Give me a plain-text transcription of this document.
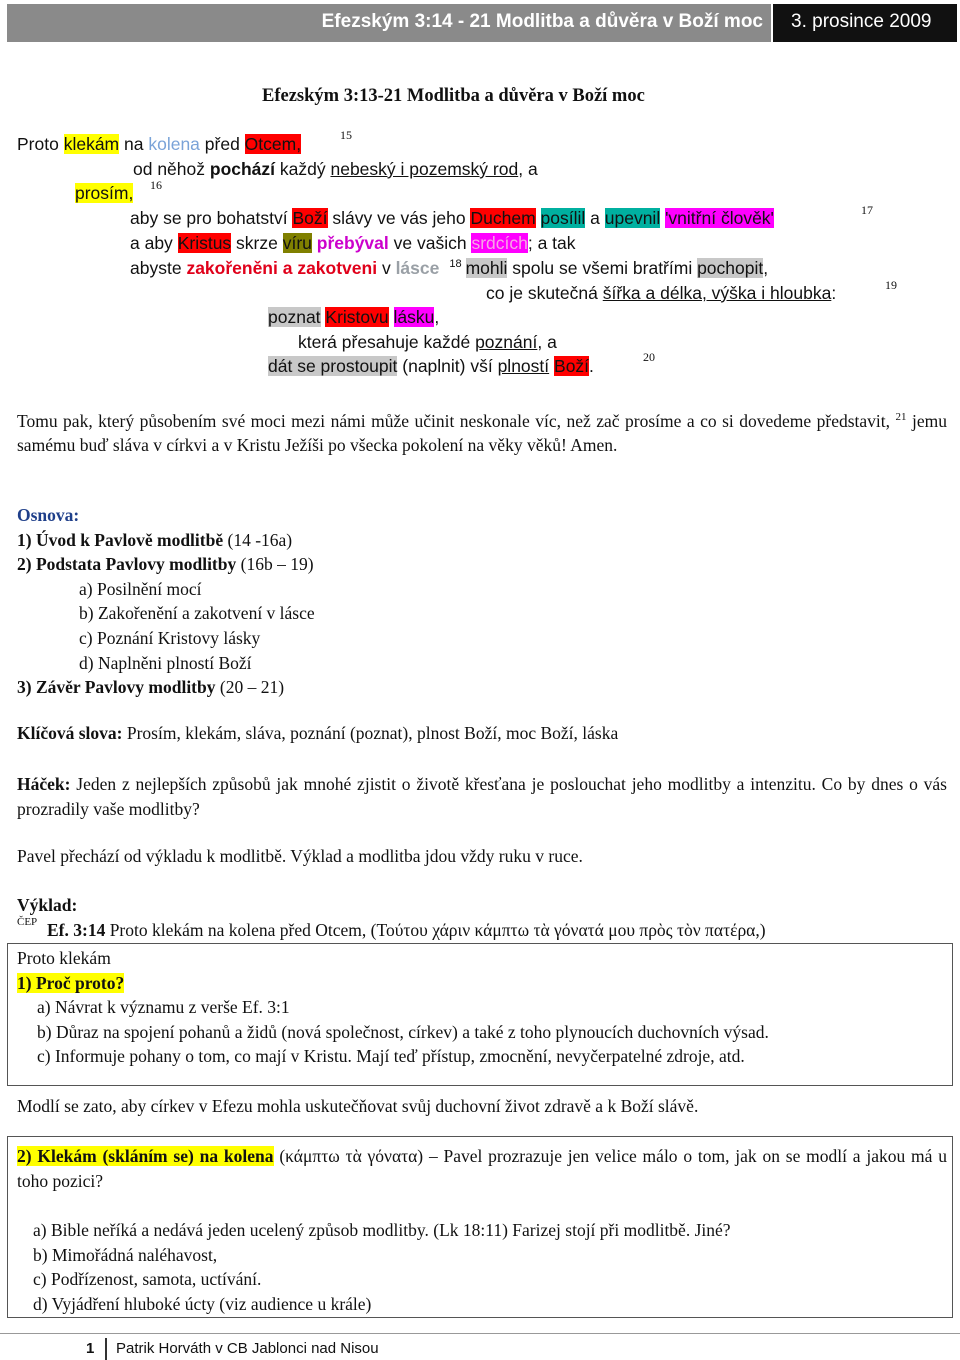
Efezským 3:14 - 21 Modlitba a důvěra v Boží moc 3. prosince 2009
Efezským 3:13-21 Modlitba a důvěra v Boží moc
Proto klekám na kolena před Otcem,	15
od něhož pochází každý nebeský i pozemský rod, a
prosím, 16
aby se pro bohatství Boží slávy ve vás jeho Duchem posílil a upevnil 'vnitřní člověk'	17
a aby Kristus skrze víru přebýval ve vašich srdcích; a tak
abyste zakořeněni a zakotveni v lásce $^{18}$ mohli spolu se všemi bratřími pochopit,
co je skutečná šířka a délka, výška i hloubka:	19
poznat Kristovu lásku,
která přesahuje každé poznání, a
dát se prostoupit (naplnit) vší plností Boží.	20

Tomu pak, který působením své moci mezi námi může učinit neskonale víc, než zač prosíme a co si dovedeme představit, $^{21}$ jemu samému buď sláva v církvi a v Kristu Ježíši po všecka pokolení na věky věků! Amen.

Osnova:
1) Úvod k Pavlově modlitbě (14 -16a)
2) Podstata Pavlovy modlitby (16b – 19)
a) Posilnění mocí
b) Zakořenění a zakotvení v lásce
c) Poznání Kristovy lásky
d) Naplněni plností Boží
3) Závěr Pavlovy modlitby (20 – 21)
Klíčová slova: Prosím, klekám, sláva, poznání (poznat), plnost Boží, moc Boží, láska

Háček: Jeden z nejlepších způsobů jak mnohé zjistit o životě křesťana je poslouchat jeho modlitby a intenzitu. Co by dnes o vás prozradily vaše modlitby?

Pavel přechází od výkladu k modlitbě. Výklad a modlitba jdou vždy ruku v ruce.
Výklad:
ČEP Ef. 3:14 Proto klekám na kolena před Otcem, (Τούτου χάριν κάμπτω τὰ γόνατά μου πρὸς τὸν πατέρα,)
Proto klekám
1) Proč proto?
a) Návrat k významu z verše Ef. 3:1
b) Důraz na spojení pohanů a židů (nová společnost, církev) a také z toho plynoucích duchovních výsad.
c) Informuje pohany o tom, co mají v Kristu. Mají teď přístup, zmocnění, nevyčerpatelné zdroje, atd.
Modlí se zato, aby církev v Efezu mohla uskutečňovat svůj duchovní život zdravě a k Boží slávě.

2) Klekám (skláním se) na kolena (κάμπτω τὰ γόνατα) – Pavel prozrazuje jen velice málo o tom, jak on se modlí a jakou má u toho pozici?

a) Bible neříká a nedává jeden ucelený způsob modlitby. (Lk 18:11) Farizej stojí při modlitbě. Jiné?
b) Mimořádná naléhavost,
c) Podřízenost, samota, uctívání.
d) Vyjádření hluboké úcty (viz audience u krále)
1 Patrik Horváth v CB Jablonci nad Nisou
